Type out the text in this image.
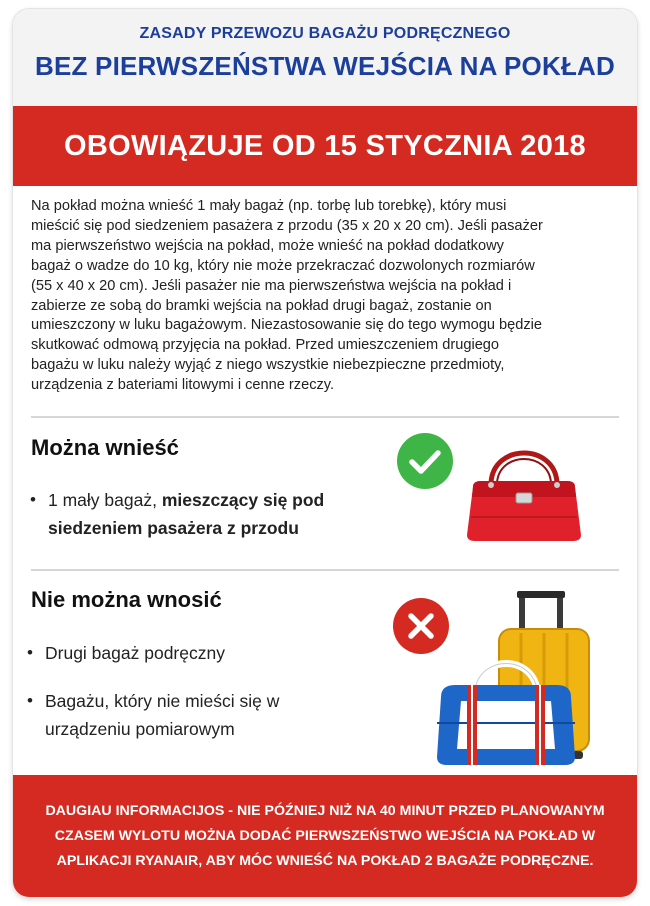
ZASADY PRZEWOZU BAGAŻU PODRĘCZNEGO
BEZ PIERWSZEŃSTWA WEJŚCIA NA POKŁAD
OBOWIĄZUJE OD 15 STYCZNIA 2018
Na pokład można wnieść 1 mały bagaż (np. torbę lub torebkę), który musi
mieścić się pod siedzeniem pasażera z przodu (35 x 20 x 20 cm). Jeśli pasażer
ma pierwszeństwo wejścia na pokład, może wnieść na pokład dodatkowy
bagaż o wadze do 10 kg, który nie może przekraczać dozwolonych rozmiarów
(55 x 40 x 20 cm). Jeśli pasażer nie ma pierwszeństwa wejścia na pokład i
zabierze ze sobą do bramki wejścia na pokład drugi bagaż, zostanie on
umieszczony w luku bagażowym. Niezastosowanie się do tego wymogu będzie
skutkować odmową przyjęcia na pokład. Przed umieszczeniem drugiego
bagażu w luku należy wyjąć z niego wszystkie niebezpieczne przedmioty,
urządzenia z bateriami litowymi i cenne rzeczy.
Można wnieść
• 1 mały bagaż, mieszczący się pod
siedzeniem pasażera z przodu
Nie można wnosić
• Drugi bagaż podręczny
• Bagażu, który nie mieści się w
urządzeniu pomiarowym
DAUGIAU INFORMACIJOS - NIE PÓŹNIEJ NIŻ NA 40 MINUT PRZED PLANOWANYM
CZASEM WYLOTU MOŻNA DODAĆ PIERWSZEŃSTWO WEJŚCIA NA POKŁAD W
APLIKACJI RYANAIR, ABY MÓC WNIEŚĆ NA POKŁAD 2 BAGAŻE PODRĘCZNE.
